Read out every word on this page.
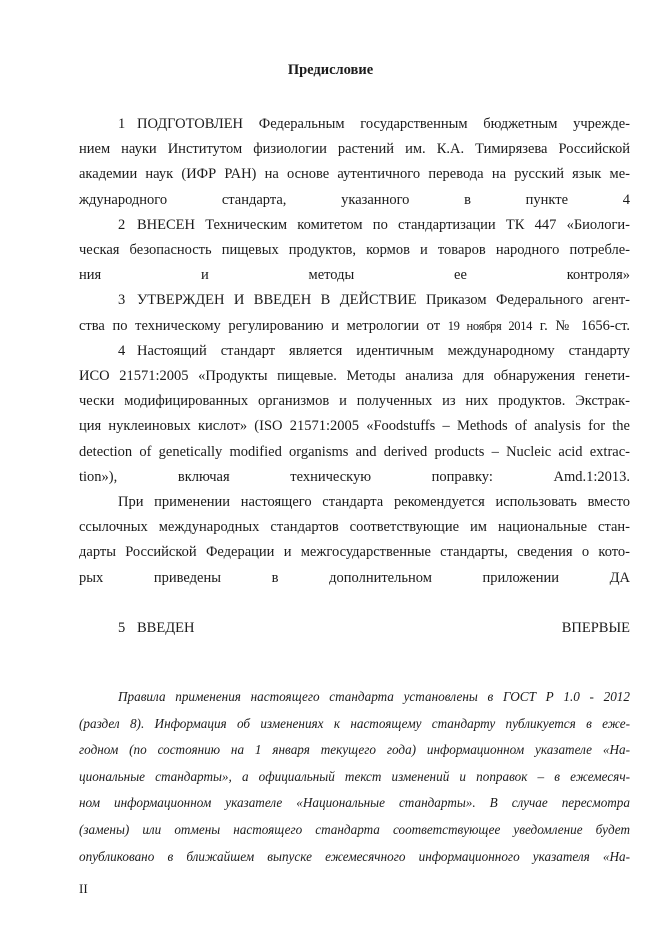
Предисловие
1 ПОДГОТОВЛЕН Федеральным государственным бюджетным учрежде-
нием науки Институтом физиологии растений им. К.А. Тимирязева Российской
академии наук (ИФР РАН) на основе аутентичного перевода на русский язык ме-
ждународного стандарта, указанного в пункте 4
2 ВНЕСЕН Техническим комитетом по стандартизации ТК 447 «Биологи-
ческая безопасность пищевых продуктов, кормов и товаров народного потребле-
ния и методы ее контроля»
3 УТВЕРЖДЕН И ВВЕДЕН В ДЕЙСТВИЕ Приказом Федерального агент-
ства по техническому регулированию и метрологии от 19 ноября 2014 г. № 1656-ст.
4 Настоящий стандарт является идентичным международному стандарту
ИСО 21571:2005 «Продукты пищевые. Методы анализа для обнаружения генети-
чески модифицированных организмов и полученных из них продуктов. Экстрак-
ция нуклеиновых кислот» (ISO 21571:2005 «Foodstuffs – Methods of analysis for the
detection of genetically modified organisms and derived products – Nucleic acid extrac-
tion»), включая техническую поправку: Amd.1:2013.
При применении настоящего стандарта рекомендуется использовать вместо
ссылочных международных стандартов соответствующие им национальные стан-
дарты Российской Федерации и межгосударственные стандарты, сведения о кото-
рых приведены в дополнительном приложении ДА
5 ВВЕДЕН ВПЕРВЫЕ
Правила применения настоящего стандарта установлены в ГОСТ Р 1.0 - 2012
(раздел 8). Информация об изменениях к настоящему стандарту публикуется в еже-
годном (по состоянию на 1 января текущего года) информационном указателе «На-
циональные стандарты», а официальный текст изменений и поправок – в ежемесяч-
ном информационном указателе «Национальные стандарты». В случае пересмотра
(замены) или отмены настоящего стандарта соответствующее уведомление будет
опубликовано в ближайшем выпуске ежемесячного информационного указателя «На-
II
